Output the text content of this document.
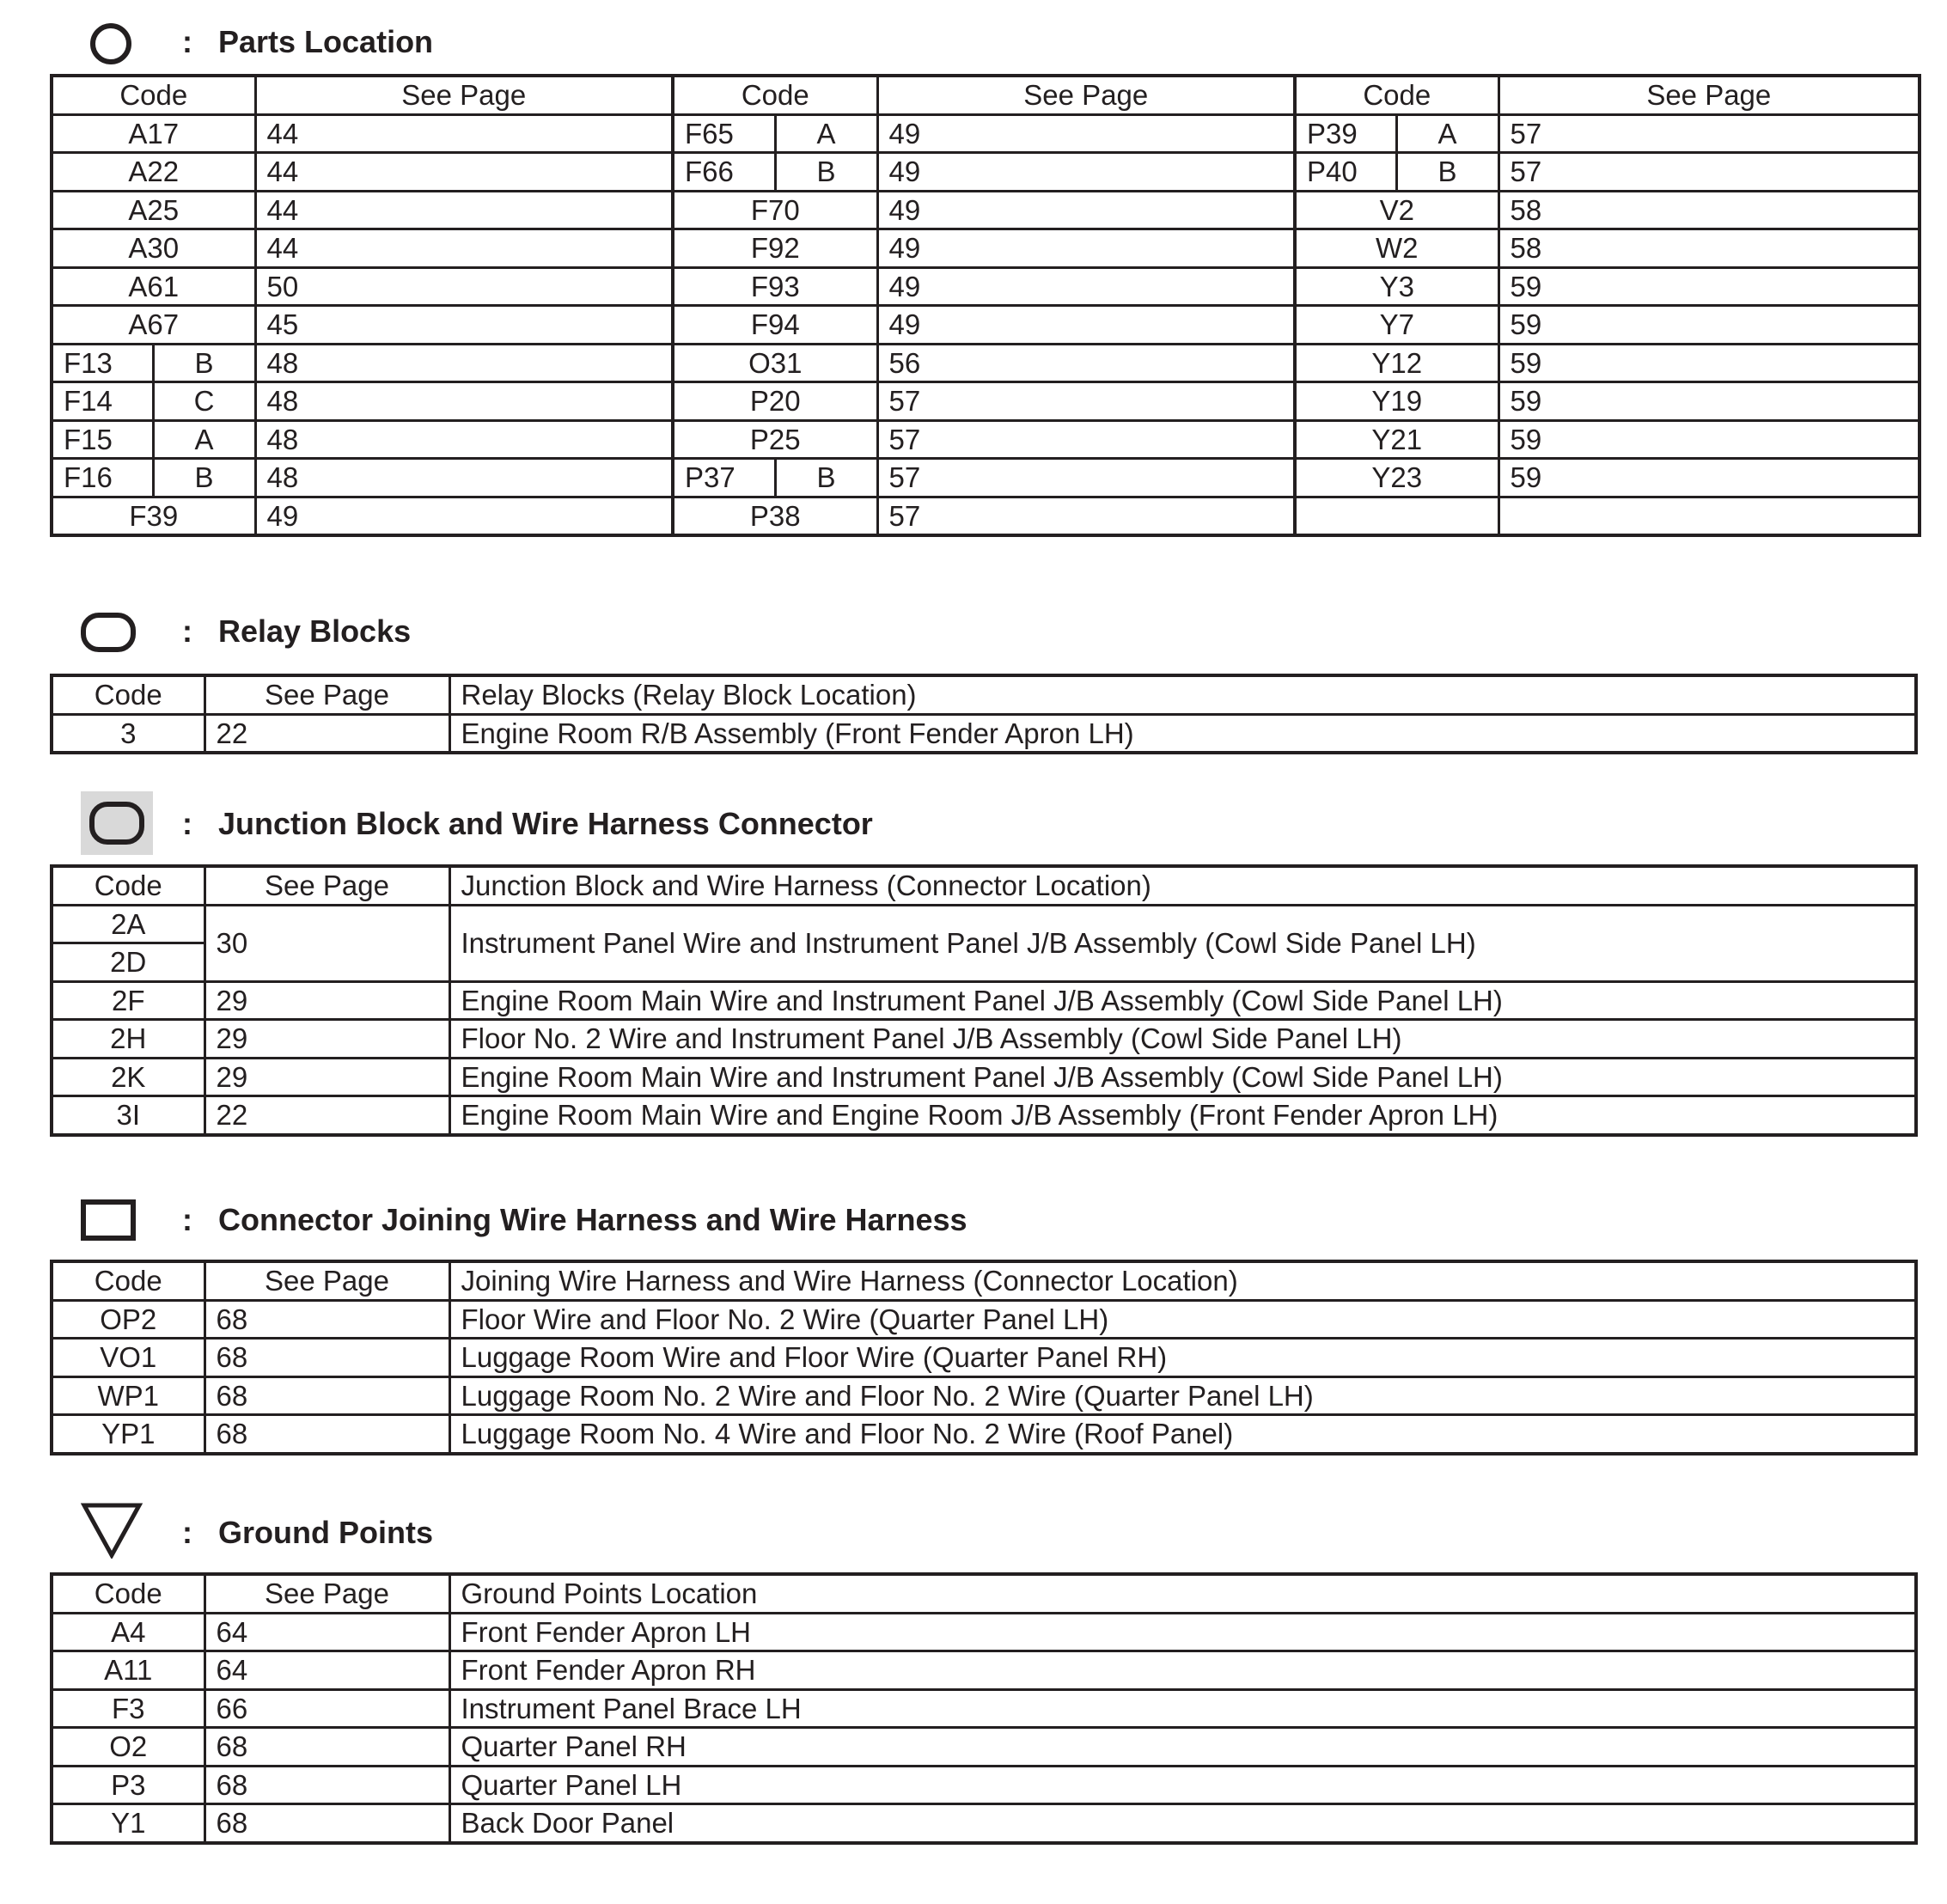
: Parts Location
Code		See Page	Code		See Page	Code		See Page
A17		44	F65	A	49	P39	A	57
A22		44	F66	B	49	P40	B	57
A25		44	F70		49	V2		58
A30		44	F92		49	W2		58
A61		50	F93		49	Y3		59
A67		45	F94		49	Y7		59
F13	B	48	O31		56	Y12		59
F14	C	48	P20		57	Y19		59
F15	A	48	P25		57	Y21		59
F16	B	48	P37	B	57	Y23		59
F39		49	P38		57			
: Relay Blocks
Code	See Page	Relay Blocks (Relay Block Location)
3	22	Engine Room R/B Assembly (Front Fender Apron LH)
: Junction Block and Wire Harness Connector
Code	See Page	Junction Block and Wire Harness (Connector Location)
2A	30	Instrument Panel Wire and Instrument Panel J/B Assembly (Cowl Side Panel LH)
2D		
2F	29	Engine Room Main Wire and Instrument Panel J/B Assembly (Cowl Side Panel LH)
2H	29	Floor No. 2 Wire and Instrument Panel J/B Assembly (Cowl Side Panel LH)
2K	29	Engine Room Main Wire and Instrument Panel J/B Assembly (Cowl Side Panel LH)
3I	22	Engine Room Main Wire and Engine Room J/B Assembly (Front Fender Apron LH)
: Connector Joining Wire Harness and Wire Harness
Code	See Page	Joining Wire Harness and Wire Harness (Connector Location)
OP2	68	Floor Wire and Floor No. 2 Wire (Quarter Panel LH)
VO1	68	Luggage Room Wire and Floor Wire (Quarter Panel RH)
WP1	68	Luggage Room No. 2 Wire and Floor No. 2 Wire (Quarter Panel LH)
YP1	68	Luggage Room No. 4 Wire and Floor No. 2 Wire (Roof Panel)
: Ground Points
Code	See Page	Ground Points Location
A4	64	Front Fender Apron LH
A11	64	Front Fender Apron RH
F3	66	Instrument Panel Brace LH
O2	68	Quarter Panel RH
P3	68	Quarter Panel LH
Y1	68	Back Door Panel
